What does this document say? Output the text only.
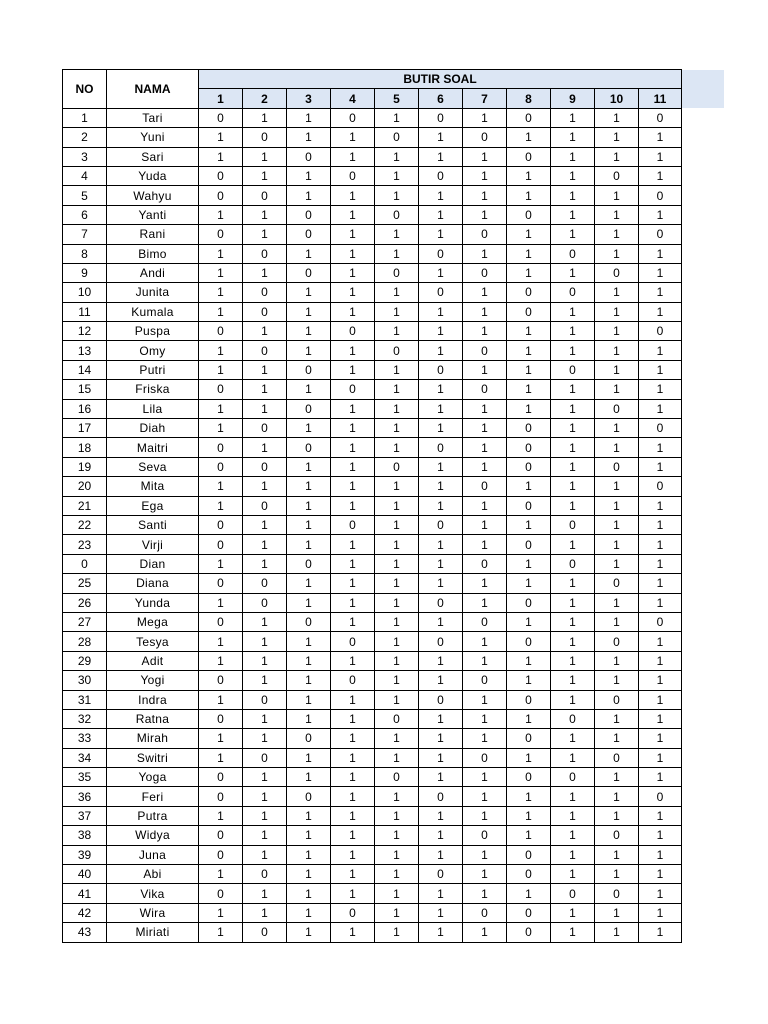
NO	NAMA	BUTIR SOAL										
		1	2	3	4	5	6	7	8	9	10	11
1	Tari	0	1	1	0	1	0	1	0	1	1	0
2	Yuni	1	0	1	1	0	1	0	1	1	1	1
3	Sari	1	1	0	1	1	1	1	0	1	1	1
4	Yuda	0	1	1	0	1	0	1	1	1	0	1
5	Wahyu	0	0	1	1	1	1	1	1	1	1	0
6	Yanti	1	1	0	1	0	1	1	0	1	1	1
7	Rani	0	1	0	1	1	1	0	1	1	1	0
8	Bimo	1	0	1	1	1	0	1	1	0	1	1
9	Andi	1	1	0	1	0	1	0	1	1	0	1
10	Junita	1	0	1	1	1	0	1	0	0	1	1
11	Kumala	1	0	1	1	1	1	1	0	1	1	1
12	Puspa	0	1	1	0	1	1	1	1	1	1	0
13	Omy	1	0	1	1	0	1	0	1	1	1	1
14	Putri	1	1	0	1	1	0	1	1	0	1	1
15	Friska	0	1	1	0	1	1	0	1	1	1	1
16	Lila	1	1	0	1	1	1	1	1	1	0	1
17	Diah	1	0	1	1	1	1	1	0	1	1	0
18	Maitri	0	1	0	1	1	0	1	0	1	1	1
19	Seva	0	0	1	1	0	1	1	0	1	0	1
20	Mita	1	1	1	1	1	1	0	1	1	1	0
21	Ega	1	0	1	1	1	1	1	0	1	1	1
22	Santi	0	1	1	0	1	0	1	1	0	1	1
23	Virji	0	1	1	1	1	1	1	0	1	1	1
0	Dian	1	1	0	1	1	1	0	1	0	1	1
25	Diana	0	0	1	1	1	1	1	1	1	0	1
26	Yunda	1	0	1	1	1	0	1	0	1	1	1
27	Mega	0	1	0	1	1	1	0	1	1	1	0
28	Tesya	1	1	1	0	1	0	1	0	1	0	1
29	Adit	1	1	1	1	1	1	1	1	1	1	1
30	Yogi	0	1	1	0	1	1	0	1	1	1	1
31	Indra	1	0	1	1	1	0	1	0	1	0	1
32	Ratna	0	1	1	1	0	1	1	1	0	1	1
33	Mirah	1	1	0	1	1	1	1	0	1	1	1
34	Switri	1	0	1	1	1	1	0	1	1	0	1
35	Yoga	0	1	1	1	0	1	1	0	0	1	1
36	Feri	0	1	0	1	1	0	1	1	1	1	0
37	Putra	1	1	1	1	1	1	1	1	1	1	1
38	Widya	0	1	1	1	1	1	0	1	1	0	1
39	Juna	0	1	1	1	1	1	1	0	1	1	1
40	Abi	1	0	1	1	1	0	1	0	1	1	1
41	Vika	0	1	1	1	1	1	1	1	0	0	1
42	Wira	1	1	1	0	1	1	0	0	1	1	1
43	Miriati	1	0	1	1	1	1	1	0	1	1	1
